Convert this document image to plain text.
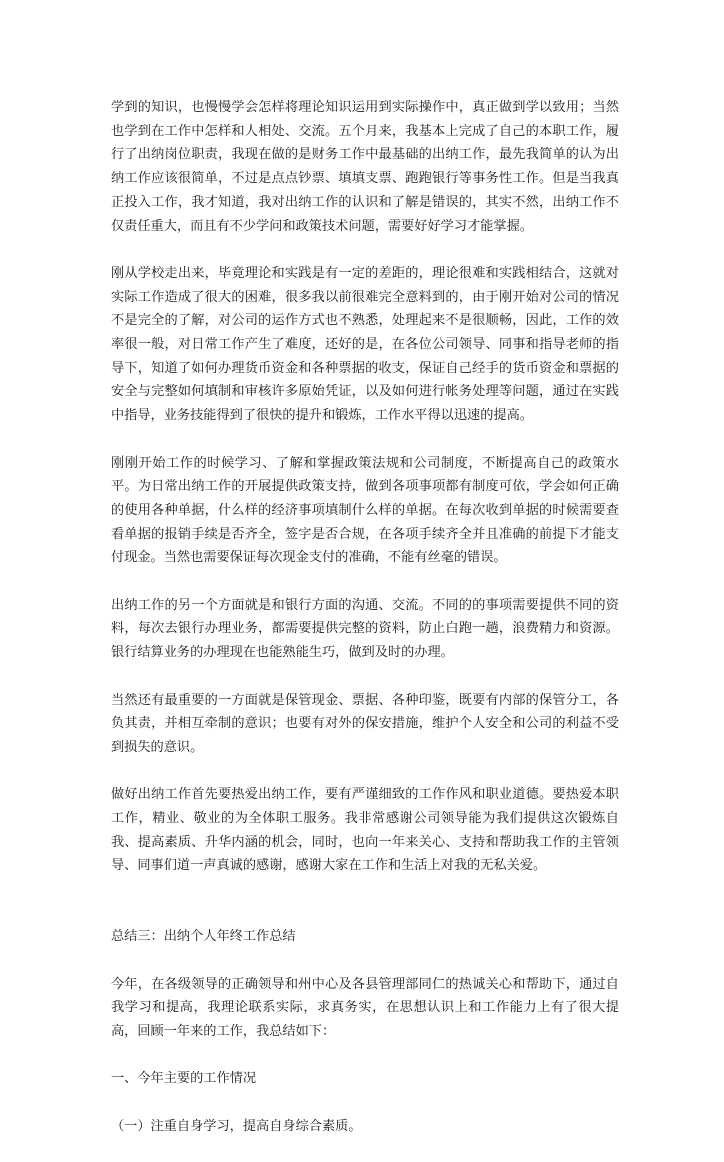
学到的知识，也慢慢学会怎样将理论知识运用到实际操作中，真正做到学以致用；当然也学到在工作中怎样和人相处、交流。五个月来，我基本上完成了自己的本职工作，履行了出纳岗位职责，我现在做的是财务工作中最基础的出纳工作，最先我简单的认为出纳工作应该很简单，不过是点点钞票、填填支票、跑跑银行等事务性工作。但是当我真正投入工作，我才知道，我对出纳工作的认识和了解是错误的，其实不然，出纳工作不仅责任重大，而且有不少学问和政策技术问题，需要好好学习才能掌握。

刚从学校走出来，毕竟理论和实践是有一定的差距的，理论很难和实践相结合，这就对实际工作造成了很大的困难，很多我以前很难完全意料到的，由于刚开始对公司的情况不是完全的了解，对公司的运作方式也不熟悉，处理起来不是很顺畅，因此，工作的效率很一般，对日常工作产生了难度，还好的是，在各位公司领导、同事和指导老师的指导下，知道了如何办理货币资金和各种票据的收支，保证自己经手的货币资金和票据的安全与完整如何填制和审核许多原始凭证，以及如何进行帐务处理等问题，通过在实践中指导，业务技能得到了很快的提升和锻炼，工作水平得以迅速的提高。

刚刚开始工作的时候学习、了解和掌握政策法规和公司制度，不断提高自己的政策水平。为日常出纳工作的开展提供政策支持，做到各项事项都有制度可依，学会如何正确的使用各种单据，什么样的经济事项填制什么样的单据。在每次收到单据的时候需要查看单据的报销手续是否齐全，签字是否合规，在各项手续齐全并且准确的前提下才能支付现金。当然也需要保证每次现金支付的准确，不能有丝毫的错误。

出纳工作的另一个方面就是和银行方面的沟通、交流。不同的的事项需要提供不同的资料，每次去银行办理业务，都需要提供完整的资料，防止白跑一趟，浪费精力和资源。银行结算业务的办理现在也能熟能生巧，做到及时的办理。

当然还有最重要的一方面就是保管现金、票据、各种印鉴，既要有内部的保管分工，各负其责，并相互牵制的意识；也要有对外的保安措施，维护个人安全和公司的利益不受到损失的意识。

做好出纳工作首先要热爱出纳工作，要有严谨细致的工作作风和职业道德。要热爱本职工作，精业、敬业的为全体职工服务。我非常感谢公司领导能为我们提供这次锻炼自我、提高素质、升华内涵的机会，同时，也向一年来关心、支持和帮助我工作的主管领导、同事们道一声真诚的感谢，感谢大家在工作和生活上对我的无私关爱。

总结三：出纳个人年终工作总结

今年，在各级领导的正确领导和州中心及各县管理部同仁的热诚关心和帮助下，通过自我学习和提高，我理论联系实际，求真务实，在思想认识上和工作能力上有了很大提高，回顾一年来的工作，我总结如下：

一、今年主要的工作情况

（一）注重自身学习，提高自身综合素质。
